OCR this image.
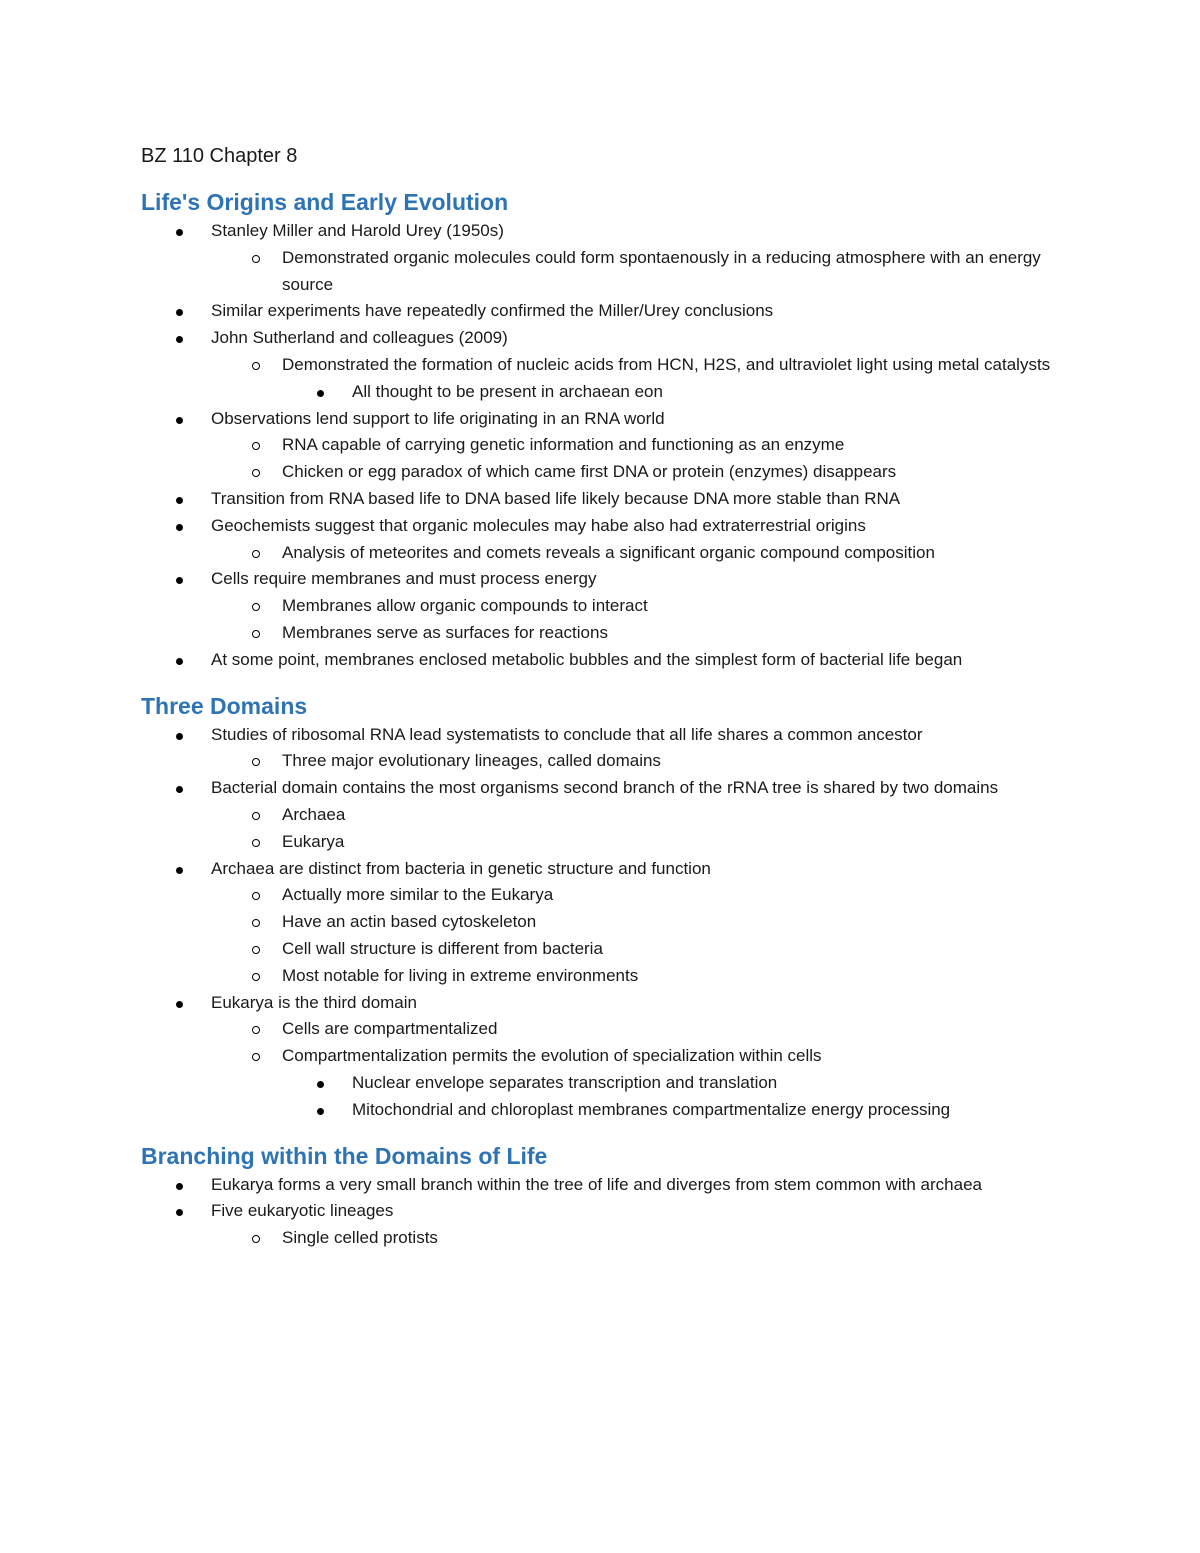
BZ 110 Chapter 8
Life's Origins and Early Evolution
Stanley Miller and Harold Urey (1950s)
Demonstrated organic molecules could form spontaenously in a reducing atmosphere with an energy source
Similar experiments have repeatedly confirmed the Miller/Urey conclusions
John Sutherland and colleagues (2009)
Demonstrated the formation of nucleic acids from HCN, H2S, and ultraviolet light using metal catalysts
All thought to be present in archaean eon
Observations lend support to life originating in an RNA world
RNA capable of carrying genetic information and functioning as an enzyme
Chicken or egg paradox of which came first DNA or protein (enzymes) disappears
Transition from RNA based life to DNA based life likely because DNA more stable than RNA
Geochemists suggest that organic molecules may habe also had extraterrestrial origins
Analysis of meteorites and comets reveals a significant organic compound composition
Cells require membranes and must process energy
Membranes allow organic compounds to interact
Membranes serve as surfaces for reactions
At some point, membranes enclosed metabolic bubbles and the simplest form of bacterial life began
Three Domains
Studies of ribosomal RNA lead systematists to conclude that all life shares a common ancestor
Three major evolutionary lineages, called domains
Bacterial domain contains the most organisms second branch of the rRNA tree is shared by two domains
Archaea
Eukarya
Archaea are distinct from bacteria in genetic structure and function
Actually more similar to the Eukarya
Have an actin based cytoskeleton
Cell wall structure is different from bacteria
Most notable for living in extreme environments
Eukarya is the third domain
Cells are compartmentalized
Compartmentalization permits the evolution of specialization within cells
Nuclear envelope separates transcription and translation
Mitochondrial and chloroplast membranes compartmentalize energy processing
Branching within the Domains of Life
Eukarya forms a very small branch within the tree of life and diverges from stem common with archaea
Five eukaryotic lineages
Single celled protists
